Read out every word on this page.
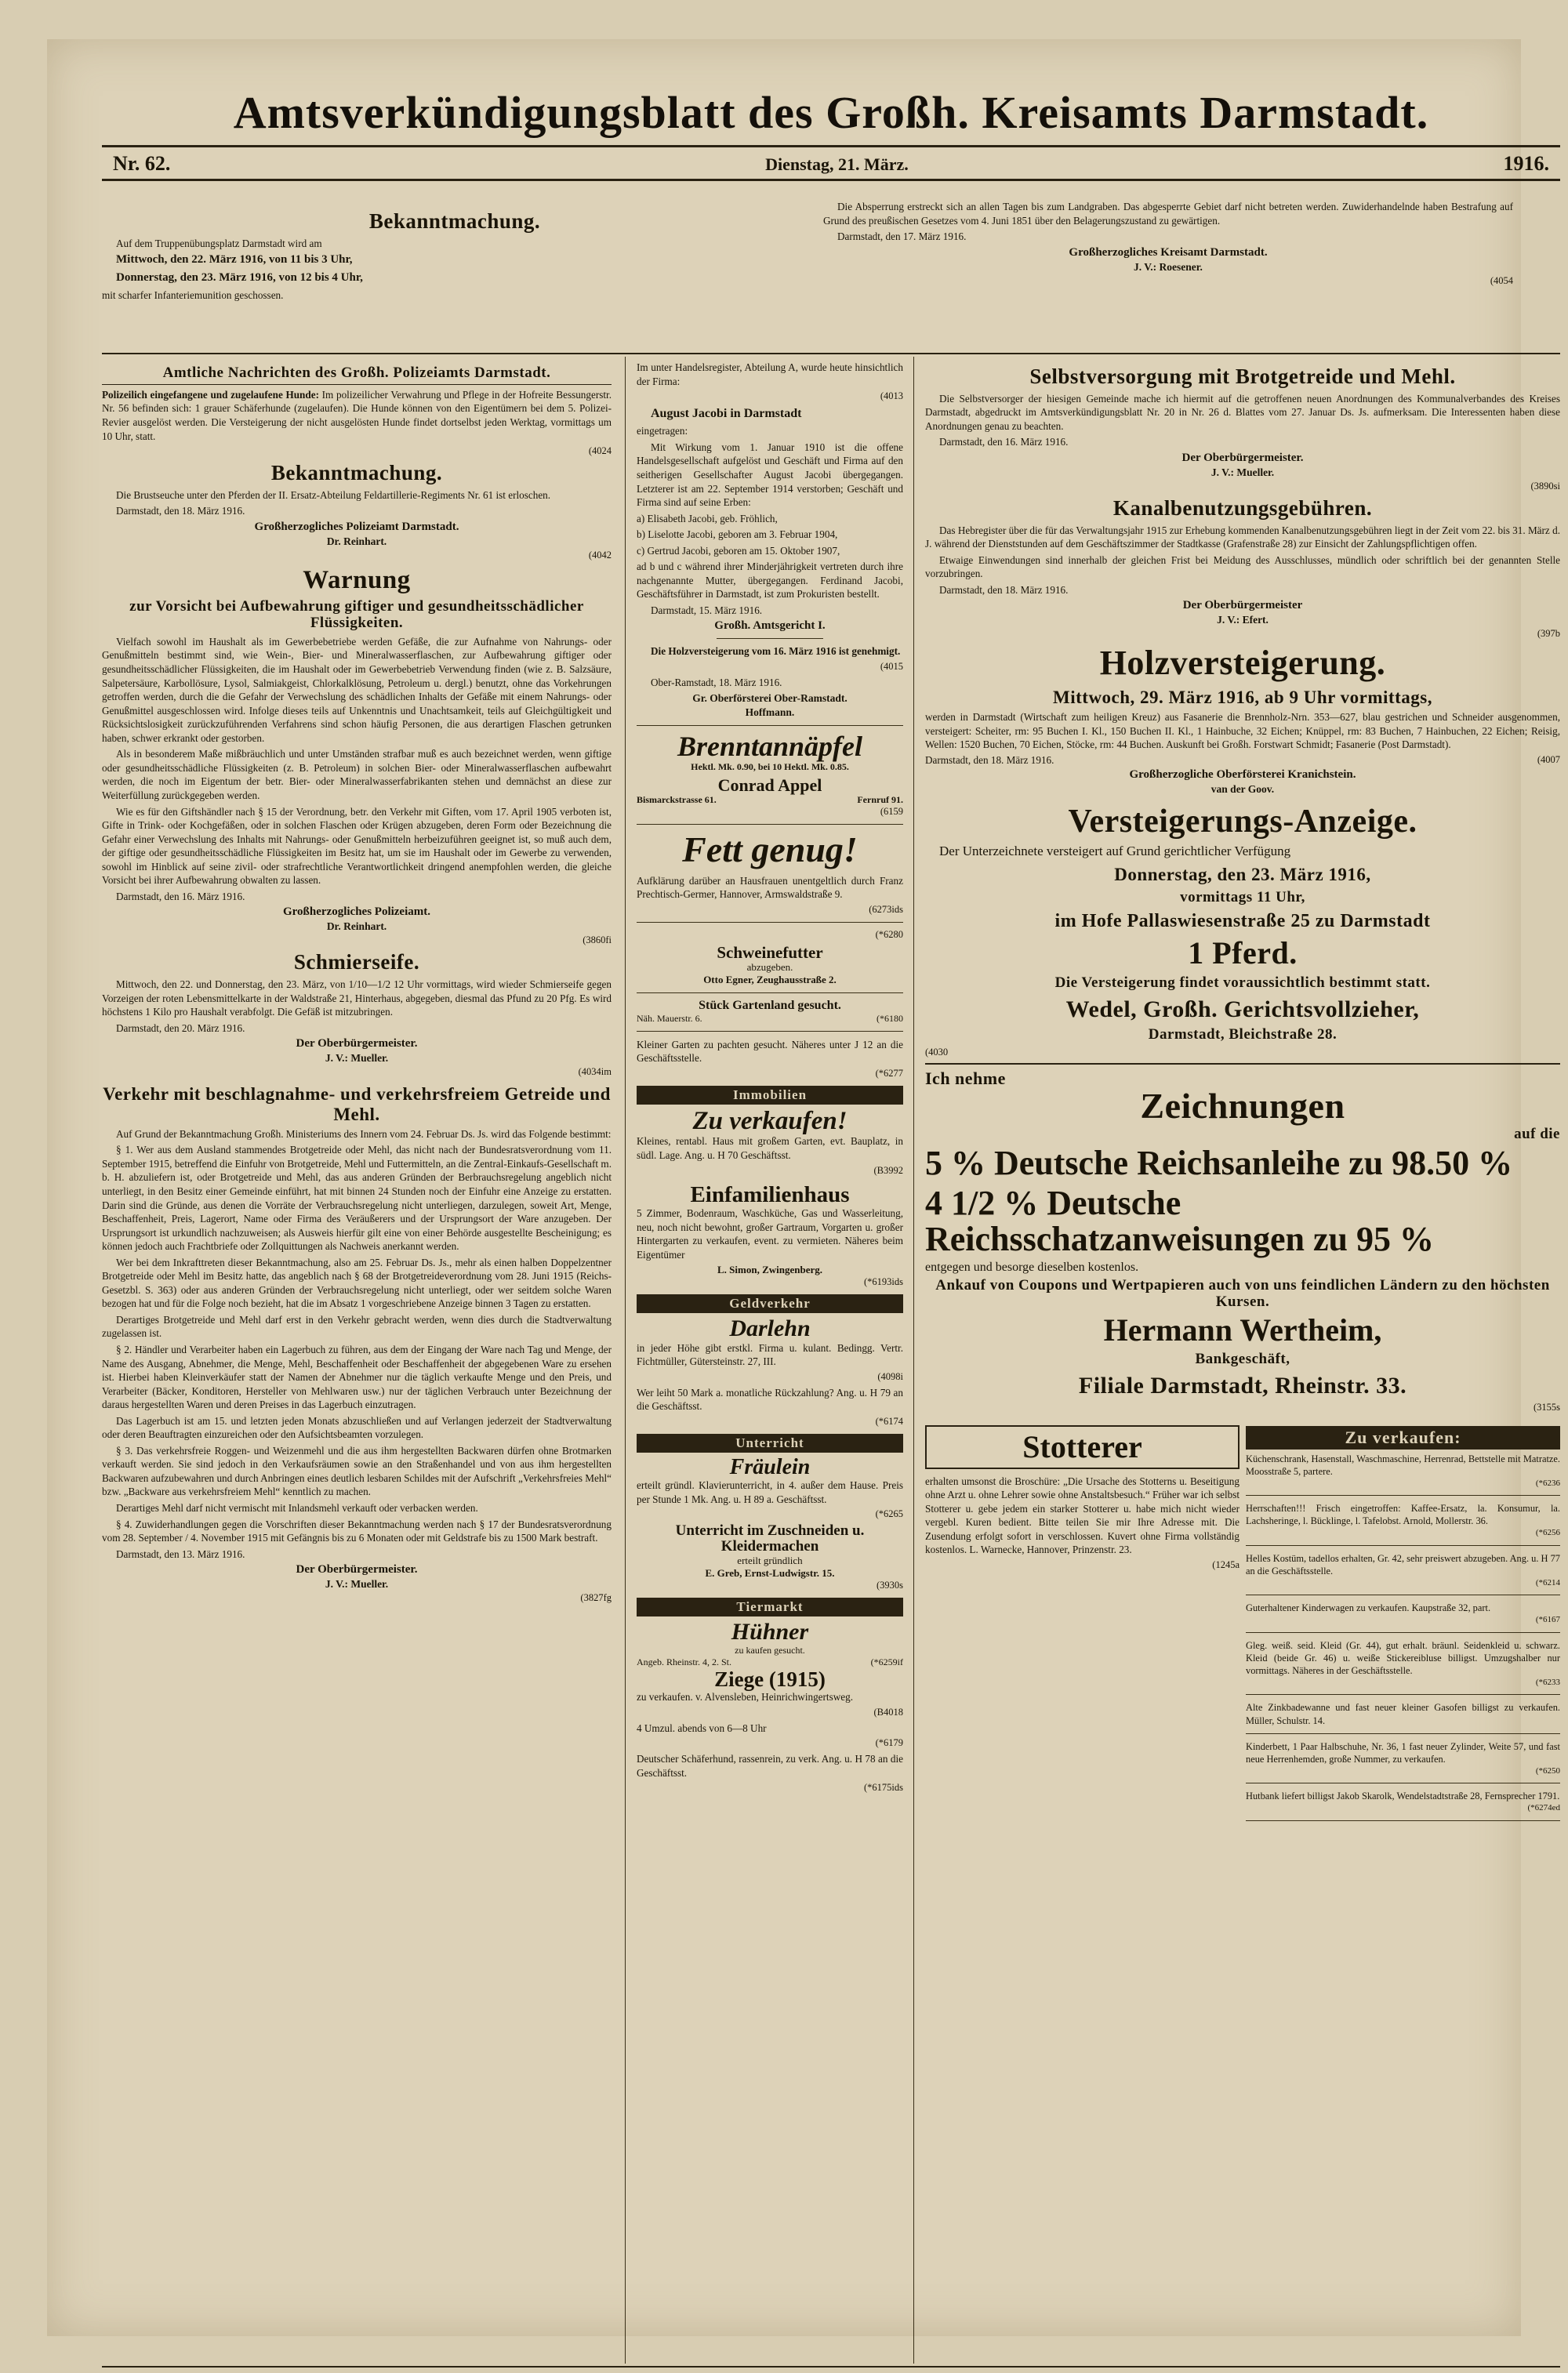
Amtsverkündigungsblatt des Großh. Kreisamts Darmstadt.
Nr. 62.	Dienstag, 21. März.	1916.
Bekanntmachung.

Auf dem Truppenübungsplatz Darmstadt wird am

Mittwoch, den 22. März 1916, von 11 bis 3 Uhr,

Donnerstag, den 23. März 1916, von 12 bis 4 Uhr,

mit scharfer Infanteriemunition geschossen.

Die Absperrung erstreckt sich an allen Tagen bis zum Landgraben. Das abgesperrte Gebiet darf nicht betreten werden. Zuwiderhandelnde haben Bestrafung auf Grund des preußischen Gesetzes vom 4. Juni 1851 über den Belagerungszustand zu gewärtigen.

Darmstadt, den 17. März 1916.

Großherzogliches Kreisamt Darmstadt.
J. V.: Roesener.
(4054
Amtliche Nachrichten des Großh. Polizeiamts Darmstadt.

Polizeilich eingefangene und zugelaufene Hunde: Im polizeilicher Verwahrung und Pflege in der Hofreite Bessungerstr. Nr. 56 befinden sich: 1 grauer Schäferhunde (zugelaufen). Die Hunde können von den Eigentümern bei dem 5. Polizei-Revier ausgelöst werden. Die Versteigerung der nicht ausgelösten Hunde findet dortselbst jeden Werktag, vormittags um 10 Uhr, statt.

(4024
Bekanntmachung.

Die Brustseuche unter den Pferden der II. Ersatz-Abteilung Feldartillerie-Regiments Nr. 61 ist erloschen.

Darmstadt, den 18. März 1916.

Großherzogliches Polizeiamt Darmstadt.
Dr. Reinhart.
(4042
Warnung
zur Vorsicht bei Aufbewahrung giftiger und gesundheitsschädlicher Flüssigkeiten.

Vielfach sowohl im Haushalt als im Gewerbebetriebe werden Gefäße, die zur Aufnahme von Nahrungs- oder Genußmitteln bestimmt sind, wie Wein-, Bier- und Mineralwasserflaschen, zur Aufbewahrung giftiger oder gesundheitsschädlicher Flüssigkeiten, die im Haushalt oder im Gewerbebetrieb Verwendung finden (wie z. B. Salzsäure, Salpetersäure, Karbollösure, Lysol, Salmiakgeist, Chlorkalklösung, Petroleum u. dergl.) benutzt, ohne das Vorkehrungen getroffen werden, durch die die Gefahr der Verwechslung des schädlichen Inhalts der Gefäße mit einem Nahrungs- oder Genußmittel ausgeschlossen wird. Infolge dieses teils auf Unkenntnis und Unachtsamkeit, teils auf Gleichgültigkeit und Rücksichtslosigkeit zurückzuführenden Verfahrens sind schon häufig Personen, die aus derartigen Flaschen getrunken haben, schwer erkrankt oder gestorben.

Als in besonderem Maße mißbräuchlich und unter Umständen strafbar muß es auch bezeichnet werden, wenn giftige oder gesundheitsschädliche Flüssigkeiten (z. B. Petroleum) in solchen Bier- oder Mineralwasserflaschen aufbewahrt werden, die noch im Eigentum der betr. Bier- oder Mineralwasserfabrikanten stehen und demnächst an diese zur Weiterfüllung zurückgegeben werden.

Wie es für den Giftshändler nach § 15 der Verordnung, betr. den Verkehr mit Giften, vom 17. April 1905 verboten ist, Gifte in Trink- oder Kochgefäßen, oder in solchen Flaschen oder Krügen abzugeben, deren Form oder Bezeichnung die Gefahr einer Verwechslung des Inhalts mit Nahrungs- oder Genußmitteln herbeizuführen geeignet ist, so muß auch dem, der giftige oder gesundheitsschädliche Flüssigkeiten im Besitz hat, um sie im Haushalt oder im Gewerbe zu verwenden, sowohl im Hinblick auf seine zivil- oder strafrechtliche Verantwortlichkeit dringend anempfohlen werden, die gleiche Vorsicht bei ihrer Aufbewahrung obwalten zu lassen.

Darmstadt, den 16. März 1916.

Großherzogliches Polizeiamt.
Dr. Reinhart.
(3860fi
Schmierseife.

Mittwoch, den 22. und Donnerstag, den 23. März, von 1/10—1/2 12 Uhr vormittags, wird wieder Schmierseife gegen Vorzeigen der roten Lebensmittelkarte in der Waldstraße 21, Hinterhaus, abgegeben, diesmal das Pfund zu 20 Pfg. Es wird höchstens 1 Kilo pro Haushalt verabfolgt. Die Gefäß ist mitzubringen.

Darmstadt, den 20. März 1916.

Der Oberbürgermeister.
J. V.: Mueller.
(4034im
Verkehr mit beschlagnahme- und verkehrsfreiem Getreide und Mehl.

Auf Grund der Bekanntmachung Großh. Ministeriums des Innern vom 24. Februar Ds. Js. wird das Folgende bestimmt:

§ 1. Wer aus dem Ausland stammendes Brotgetreide oder Mehl, das nicht nach der Bundesratsverordnung vom 11. September 1915, betreffend die Einfuhr von Brotgetreide, Mehl und Futtermitteln, an die Zentral-Einkaufs-Gesellschaft m. b. H. abzuliefern ist, oder Brotgetreide und Mehl, das aus anderen Gründen der Berbrauchsregelung angeblich nicht unterliegt, in den Besitz einer Gemeinde einführt, hat mit binnen 24 Stunden noch der Einfuhr eine Anzeige zu erstatten. Darin sind die Gründe, aus denen die Vorräte der Verbrauchsregelung nicht unterliegen, darzulegen, soweit Art, Menge, Beschaffenheit, Preis, Lagerort, Name oder Firma des Veräußerers und der Ursprungsort der Ware anzugeben. Der Ursprungsort ist urkundlich nachzuweisen; als Ausweis hierfür gilt eine von einer Behörde ausgestellte Bescheinigung; es können jedoch auch Frachtbriefe oder Zollquittungen als Nachweis anerkannt werden.

Wer bei dem Inkrafttreten dieser Bekanntmachung, also am 25. Februar Ds. Js., mehr als einen halben Doppelzentner Brotgetreide oder Mehl im Besitz hatte, das angeblich nach § 68 der Brotgetreideverordnung vom 28. Juni 1915 (Reichs-Gesetzbl. S. 363) oder aus anderen Gründen der Verbrauchsregelung nicht unterliegt, oder wer seitdem solche Waren bezogen hat und für die Folge noch bezieht, hat die im Absatz 1 vorgeschriebene Anzeige binnen 3 Tagen zu erstatten.

Derartiges Brotgetreide und Mehl darf erst in den Verkehr gebracht werden, wenn dies durch die Stadtverwaltung zugelassen ist.

§ 2. Händler und Verarbeiter haben ein Lagerbuch zu führen, aus dem der Eingang der Ware nach Tag und Menge, der Name des Ausgang, Abnehmer, die Menge, Mehl, Beschaffenheit oder Beschaffenheit der abgegebenen Ware zu ersehen ist. Hierbei haben Kleinverkäufer statt der Namen der Abnehmer nur die täglich verkaufte Menge und den Preis, und Verarbeiter (Bäcker, Konditoren, Hersteller von Mehlwaren usw.) nur der täglichen Verbrauch unter Bezeichnung der daraus hergestellten Waren und deren Preises in das Lagerbuch einzutragen.

Das Lagerbuch ist am 15. und letzten jeden Monats abzuschließen und auf Verlangen jederzeit der Stadtverwaltung oder deren Beauftragten einzureichen oder den Aufsichtsbeamten vorzulegen.

§ 3. Das verkehrsfreie Roggen- und Weizenmehl und die aus ihm hergestellten Backwaren dürfen ohne Brotmarken verkauft werden. Sie sind jedoch in den Verkaufsräumen sowie an den Straßenhandel und von aus ihm hergestellten Backwaren aufzubewahren und durch Anbringen eines deutlich lesbaren Schildes mit der Aufschrift „Verkehrsfreies Mehl“ bzw. „Backware aus verkehrsfreiem Mehl“ kenntlich zu machen.

Derartiges Mehl darf nicht vermischt mit Inlandsmehl verkauft oder verbacken werden.

§ 4. Zuwiderhandlungen gegen die Vorschriften dieser Bekanntmachung werden nach § 17 der Bundesratsverordnung vom 28. September / 4. November 1915 mit Gefängnis bis zu 6 Monaten oder mit Geldstrafe bis zu 1500 Mark bestraft.

Darmstadt, den 13. März 1916.

Der Oberbürgermeister.
J. V.: Mueller.
(3827fg

Im unter Handelsregister, Abteilung A, wurde heute hinsichtlich der Firma:

(4013

August Jacobi in Darmstadt

eingetragen:

Mit Wirkung vom 1. Januar 1910 ist die offene Handelsgesellschaft aufgelöst und Geschäft und Firma auf den seitherigen Gesellschafter August Jacobi übergegangen. Letzterer ist am 22. September 1914 verstorben; Geschäft und Firma sind auf seine Erben:

a) Elisabeth Jacobi, geb. Fröhlich,

b) Liselotte Jacobi, geboren am 3. Februar 1904,

c) Gertrud Jacobi, geboren am 15. Oktober 1907,

ad b und c während ihrer Minderjährigkeit vertreten durch ihre nachgenannte Mutter, übergegangen. Ferdinand Jacobi, Geschäftsführer in Darmstadt, ist zum Prokuristen bestellt.

Darmstadt, 15. März 1916.

Großh. Amtsgericht I.

Die Holzversteigerung vom 16. März 1916 ist genehmigt.

(4015

Ober-Ramstadt, 18. März 1916.

Gr. Oberförsterei Ober-Ramstadt.
Hoffmann.
Brenntannäpfel
Hektl. Mk. 0.90, bei 10 Hektl. Mk. 0.85.
Conrad Appel
Bismarckstrasse 61.	Fernruf 91.
(6159
Fett genug!

Aufklärung darüber an Hausfrauen unentgeltlich durch Franz Prechtisch-Germer, Hannover, Armswaldstraße 9.

(6273ids
(*6280
Schweinefutter
abzugeben.
Otto Egner, Zeughausstraße 2.
Stück Gartenland gesucht.
Näh. Mauerstr. 6.	(*6180

Kleiner Garten zu pachten gesucht. Näheres unter J 12 an die Geschäftsstelle.

(*6277
Immobilien
Zu verkaufen!

Kleines, rentabl. Haus mit großem Garten, evt. Bauplatz, in südl. Lage. Ang. u. H 70 Geschäftsst.

(B3992
Einfamilienhaus

5 Zimmer, Bodenraum, Waschküche, Gas und Wasserleitung, neu, noch nicht bewohnt, großer Gartraum, Vorgarten u. großer Hintergarten zu verkaufen, event. zu vermieten. Näheres beim Eigentümer

L. Simon, Zwingenberg.
(*6193ids
Geldverkehr
Darlehn

in jeder Höhe gibt erstkl. Firma u. kulant. Bedingg. Vertr. Fichtmüller, Gütersteinstr. 27, III.

(4098i

Wer leiht 50 Mark a. monatliche Rückzahlung? Ang. u. H 79 an die Geschäftsst.

(*6174
Unterricht
Fräulein

erteilt gründl. Klavierunterricht, in 4. außer dem Hause. Preis per Stunde 1 Mk. Ang. u. H 89 a. Geschäftsst.

(*6265
Unterricht im Zuschneiden u. Kleidermachen
erteilt gründlich
E. Greb, Ernst-Ludwigstr. 15.
(3930s
Tiermarkt
Hühner
zu kaufen gesucht.
Angeb. Rheinstr. 4, 2. St.	(*6259if
Ziege (1915)

zu verkaufen. v. Alvensleben, Heinrichwingertsweg.

(B4018

4 Umzul. abends von 6—8 Uhr

(*6179

Deutscher Schäferhund, rassenrein, zu verk. Ang. u. H 78 an die Geschäftsst.

(*6175ids
Selbstversorgung mit Brotgetreide und Mehl.

Die Selbstversorger der hiesigen Gemeinde mache ich hiermit auf die getroffenen neuen Anordnungen des Kommunalverbandes des Kreises Darmstadt, abgedruckt im Amtsverkündigungsblatt Nr. 20 in Nr. 26 d. Blattes vom 27. Januar Ds. Js. aufmerksam. Die Interessenten haben diese Anordnungen genau zu beachten.

Darmstadt, den 16. März 1916.

Der Oberbürgermeister.
J. V.: Mueller.
(3890si
Kanalbenutzungsgebühren.

Das Hebregister über die für das Verwaltungsjahr 1915 zur Erhebung kommenden Kanalbenutzungsgebühren liegt in der Zeit vom 22. bis 31. März d. J. während der Dienststunden auf dem Geschäftszimmer der Stadtkasse (Grafenstraße 28) zur Einsicht der Zahlungspflichtigen offen.

Etwaige Einwendungen sind innerhalb der gleichen Frist bei Meidung des Ausschlusses, mündlich oder schriftlich bei der genannten Stelle vorzubringen.

Darmstadt, den 18. März 1916.

Der Oberbürgermeister
J. V.: Efert.
(397b
Holzversteigerung.
Mittwoch, 29. März 1916, ab 9 Uhr vormittags,

werden in Darmstadt (Wirtschaft zum heiligen Kreuz) aus Fasanerie die Brennholz-Nrn. 353—627, blau gestrichen und Schneider ausgenommen, versteigert: Scheiter, rm: 95 Buchen I. Kl., 150 Buchen II. Kl., 1 Hainbuche, 32 Eichen; Knüppel, rm: 83 Buchen, 7 Hainbuchen, 22 Eichen; Reisig, Wellen: 1520 Buchen, 70 Eichen, Stöcke, rm: 44 Buchen. Auskunft bei Großh. Forstwart Schmidt; Fasanerie (Post Darmstadt).

Darmstadt, den 18. März 1916.	(4007
Großherzogliche Oberförsterei Kranichstein.
van der Goov.
Versteigerungs-Anzeige.

Der Unterzeichnete versteigert auf Grund gerichtlicher Verfügung

Donnerstag, den 23. März 1916,
vormittags 11 Uhr,
im Hofe Pallaswiesenstraße 25 zu Darmstadt
1 Pferd.
Die Versteigerung findet voraussichtlich bestimmt statt.
Wedel, Großh. Gerichtsvollzieher,
Darmstadt, Bleichstraße 28.
(4030
Ich nehme
Zeichnungen
auf die
5 % Deutsche Reichsanleihe zu 98.50 %
4 1/2 % Deutsche Reichsschatzanweisungen zu 95 %
entgegen und besorge dieselben kostenlos.
Ankauf von Coupons und Wertpapieren auch von uns feindlichen Ländern zu den höchsten Kursen.
Hermann Wertheim,
Bankgeschäft,
Filiale Darmstadt, Rheinstr. 33.
(3155s
Stotterer

erhalten umsonst die Broschüre: „Die Ursache des Stotterns u. Beseitigung ohne Arzt u. ohne Lehrer sowie ohne Anstaltsbesuch.“ Früher war ich selbst Stotterer u. gebe jedem ein starker Stotterer u. habe mich nicht wieder vergebl. Kuren bedient. Bitte teilen Sie mir Ihre Adresse mit. Die Zusendung erfolgt sofort in verschlossen. Kuvert ohne Firma vollständig kostenlos. L. Warnecke, Hannover, Prinzenstr. 23.

(1245a
Zu verkaufen:
Küchenschrank, Hasenstall, Waschmaschine, Herrenrad, Bettstelle mit Matratze. Moosstraße 5, partere.
(*6236
Herrschaften!!! Frisch eingetroffen: Kaffee-Ersatz, la. Konsumur, la. Lachsheringe, l. Bücklinge, l. Tafelobst. Arnold, Mollerstr. 36.
(*6256
Helles Kostüm, tadellos erhalten, Gr. 42, sehr preiswert abzugeben. Ang. u. H 77 an die Geschäftsstelle.
(*6214
Guterhaltener Kinderwagen zu verkaufen. Kaupstraße 32, part.
(*6167
Gleg. weiß. seid. Kleid (Gr. 44), gut erhalt. bräunl. Seidenkleid u. schwarz. Kleid (beide Gr. 46) u. weiße Stickereibluse billigst. Umzugshalber nur vormittags. Näheres in der Geschäftsstelle.
(*6233
Alte Zinkbadewanne und fast neuer kleiner Gasofen billigst zu verkaufen. Müller, Schulstr. 14.
Kinderbett, 1 Paar Halbschuhe, Nr. 36, 1 fast neuer Zylinder, Weite 57, und fast neue Herrenhemden, große Nummer, zu verkaufen.
(*6250
Hutbank liefert billigst Jakob Skarolk, Wendelstadtstraße 28, Fernsprecher 1791.
(*6274ed
